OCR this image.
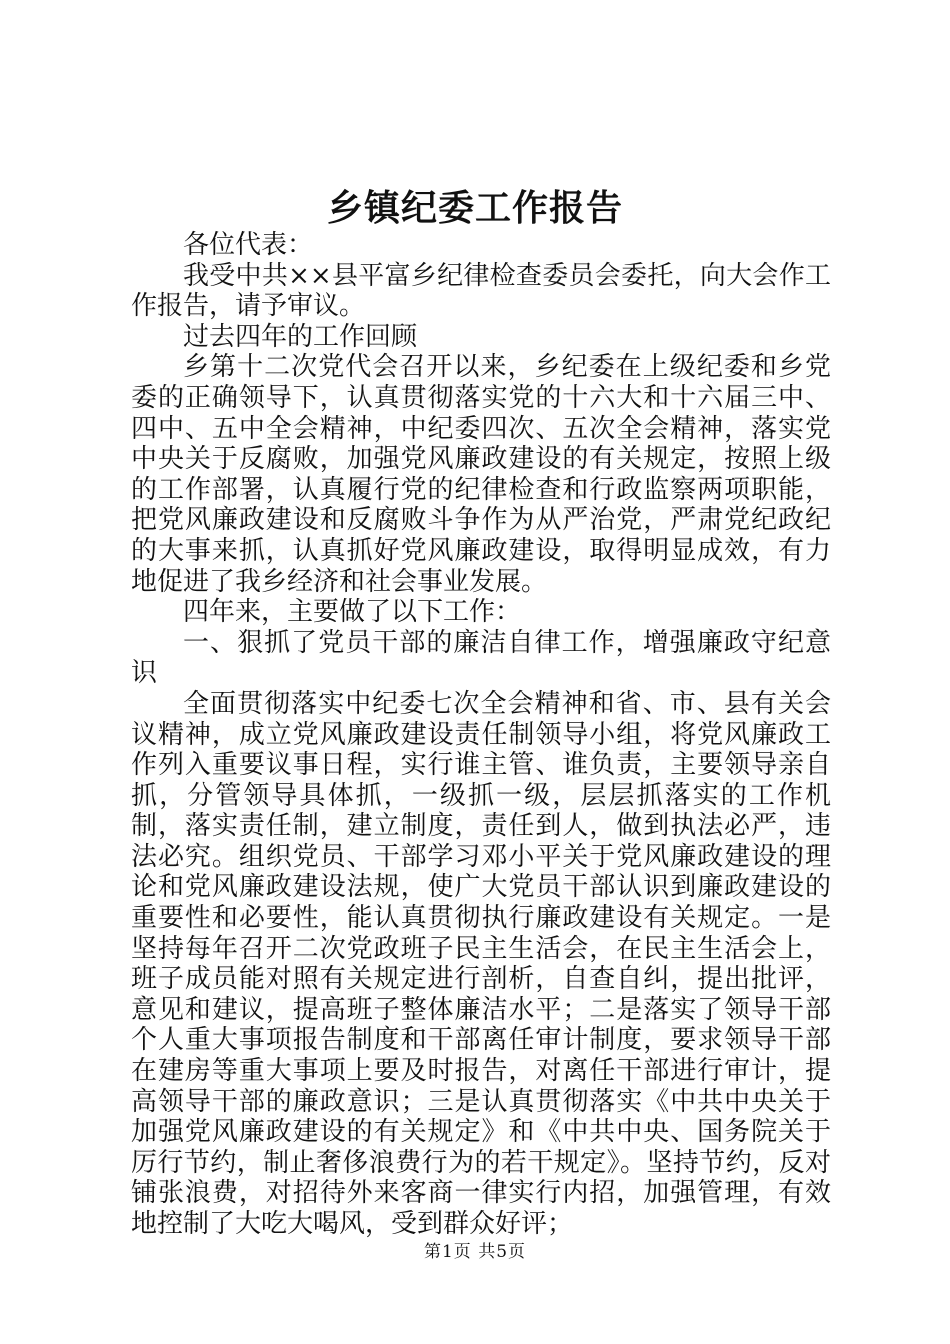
乡镇纪委工作报告

各位代表：

我受中共××县平富乡纪律检查委员会委托，向大会作工作报告，请予审议。

过去四年的工作回顾

乡第十二次党代会召开以来，乡纪委在上级纪委和乡党委的正确领导下，认真贯彻落实党的十六大和十六届三中、四中、五中全会精神，中纪委四次、五次全会精神，落实党中央关于反腐败，加强党风廉政建设的有关规定，按照上级的工作部署，认真履行党的纪律检查和行政监察两项职能，把党风廉政建设和反腐败斗争作为从严治党，严肃党纪政纪的大事来抓，认真抓好党风廉政建设，取得明显成效，有力地促进了我乡经济和社会事业发展。

四年来，主要做了以下工作：

一、狠抓了党员干部的廉洁自律工作，增强廉政守纪意识

全面贯彻落实中纪委七次全会精神和省、市、县有关会议精神，成立党风廉政建设责任制领导小组，将党风廉政工作列入重要议事日程，实行谁主管、谁负责，主要领导亲自抓，分管领导具体抓，一级抓一级，层层抓落实的工作机制，落实责任制，建立制度，责任到人，做到执法必严，违法必究。组织党员、干部学习邓小平关于党风廉政建设的理论和党风廉政建设法规，使广大党员干部认识到廉政建设的重要性和必要性，能认真贯彻执行廉政建设有关规定。一是坚持每年召开二次党政班子民主生活会，在民主生活会上，班子成员能对照有关规定进行剖析，自查自纠，提出批评，意见和建议，提高班子整体廉洁水平；二是落实了领导干部个人重大事项报告制度和干部离任审计制度，要求领导干部在建房等重大事项上要及时报告，对离任干部进行审计，提高领导干部的廉政意识；三是认真贯彻落实《中共中央关于加强党风廉政建设的有关规定》和《中共中央、国务院关于厉行节约，制止奢侈浪费行为的若干规定》。坚持节约，反对铺张浪费，对招待外来客商一律实行内招，加强管理，有效地控制了大吃大喝风，受到群众好评；

第1页 共5页
